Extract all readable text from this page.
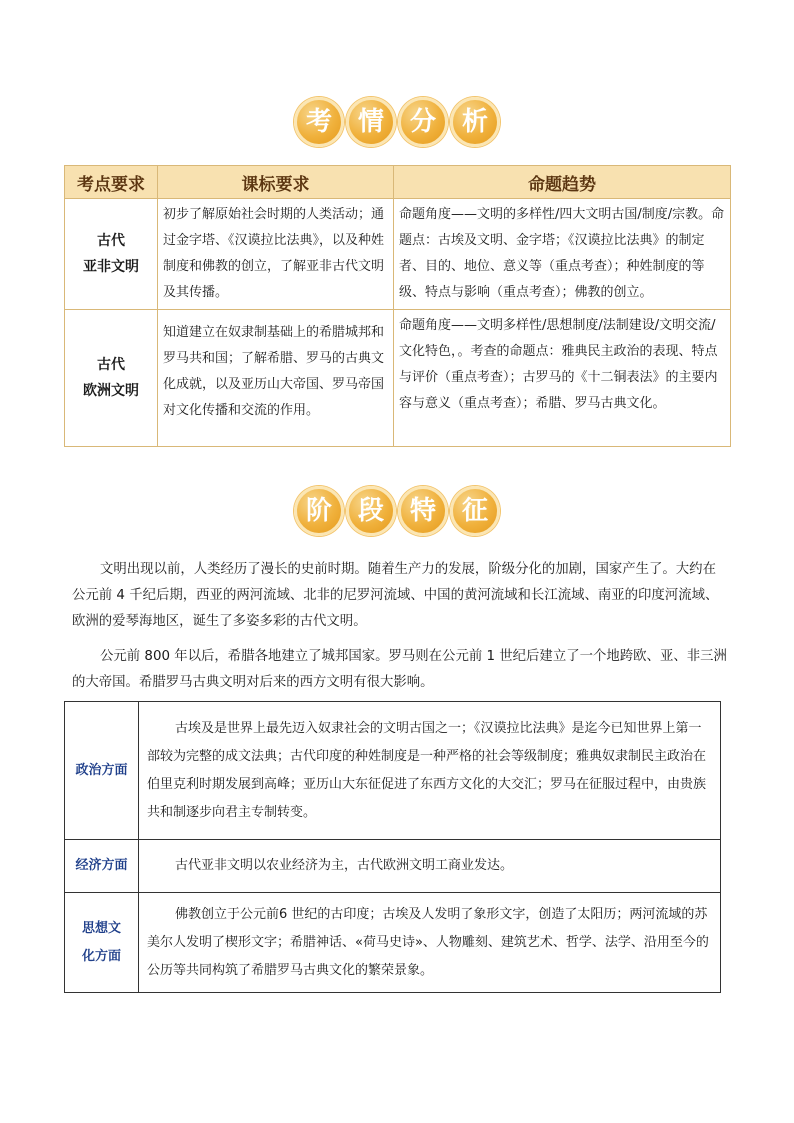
考 情 分 析
考点要求	课标要求	命题趋势

古代
亚非文明	初步了解原始社会时期的人类活动；通过金字塔、《汉谟拉比法典》，以及种姓制度和佛教的创立，了解亚非古代文明及其传播。	命题角度——文明的多样性/四大文明古国/制度/宗教。命题点：古埃及文明、金字塔；《汉谟拉比法典》的制定者、目的、地位、意义等（重点考查）；种姓制度的等级、特点与影响（重点考查）；佛教的创立。

古代
欧洲文明	知道建立在奴隶制基础上的希腊城邦和罗马共和国；了解希腊、罗马的古典文化成就，以及亚历山大帝国、罗马帝国对文化传播和交流的作用。	命题角度——文明多样性/思想制度/法制建设/文明交流/文化特色，。考查的命题点：雅典民主政治的表现、特点与评价（重点考查）；古罗马的《十二铜表法》的主要内容与意义（重点考查）；希腊、罗马古典文化。
阶 段 特 征

文明出现以前，人类经历了漫长的史前时期。随着生产力的发展，阶级分化的加剧，国家产生了。大约在公元前 4 千纪后期，西亚的两河流域、北非的尼罗河流域、中国的黄河流域和长江流域、南亚的印度河流域、欧洲的爱琴海地区，诞生了多姿多彩的古代文明。

公元前 800 年以后，希腊各地建立了城邦国家。罗马则在公元前 1 世纪后建立了一个地跨欧、亚、非三洲的大帝国。希腊罗马古典文明对后来的西方文明有很大影响。

政治方面	古埃及是世界上最先迈入奴隶社会的文明古国之一；《汉谟拉比法典》是迄今已知世界上第一部较为完整的成文法典；古代印度的种姓制度是一种严格的社会等级制度；雅典奴隶制民主政治在伯里克利时期发展到高峰；亚历山大东征促进了东西方文化的大交汇；罗马在征服过程中，由贵族共和制逐步向君主专制转变。
经济方面	古代亚非文明以农业经济为主，古代欧洲文明工商业发达。

思想文
化方面	佛教创立于公元前6 世纪的古印度；古埃及人发明了象形文字，创造了太阳历；两河流域的苏美尔人发明了楔形文字；希腊神话、«荷马史诗»、人物雕刻、建筑艺术、哲学、法学、沿用至今的公历等共同构筑了希腊罗马古典文化的繁荣景象。
